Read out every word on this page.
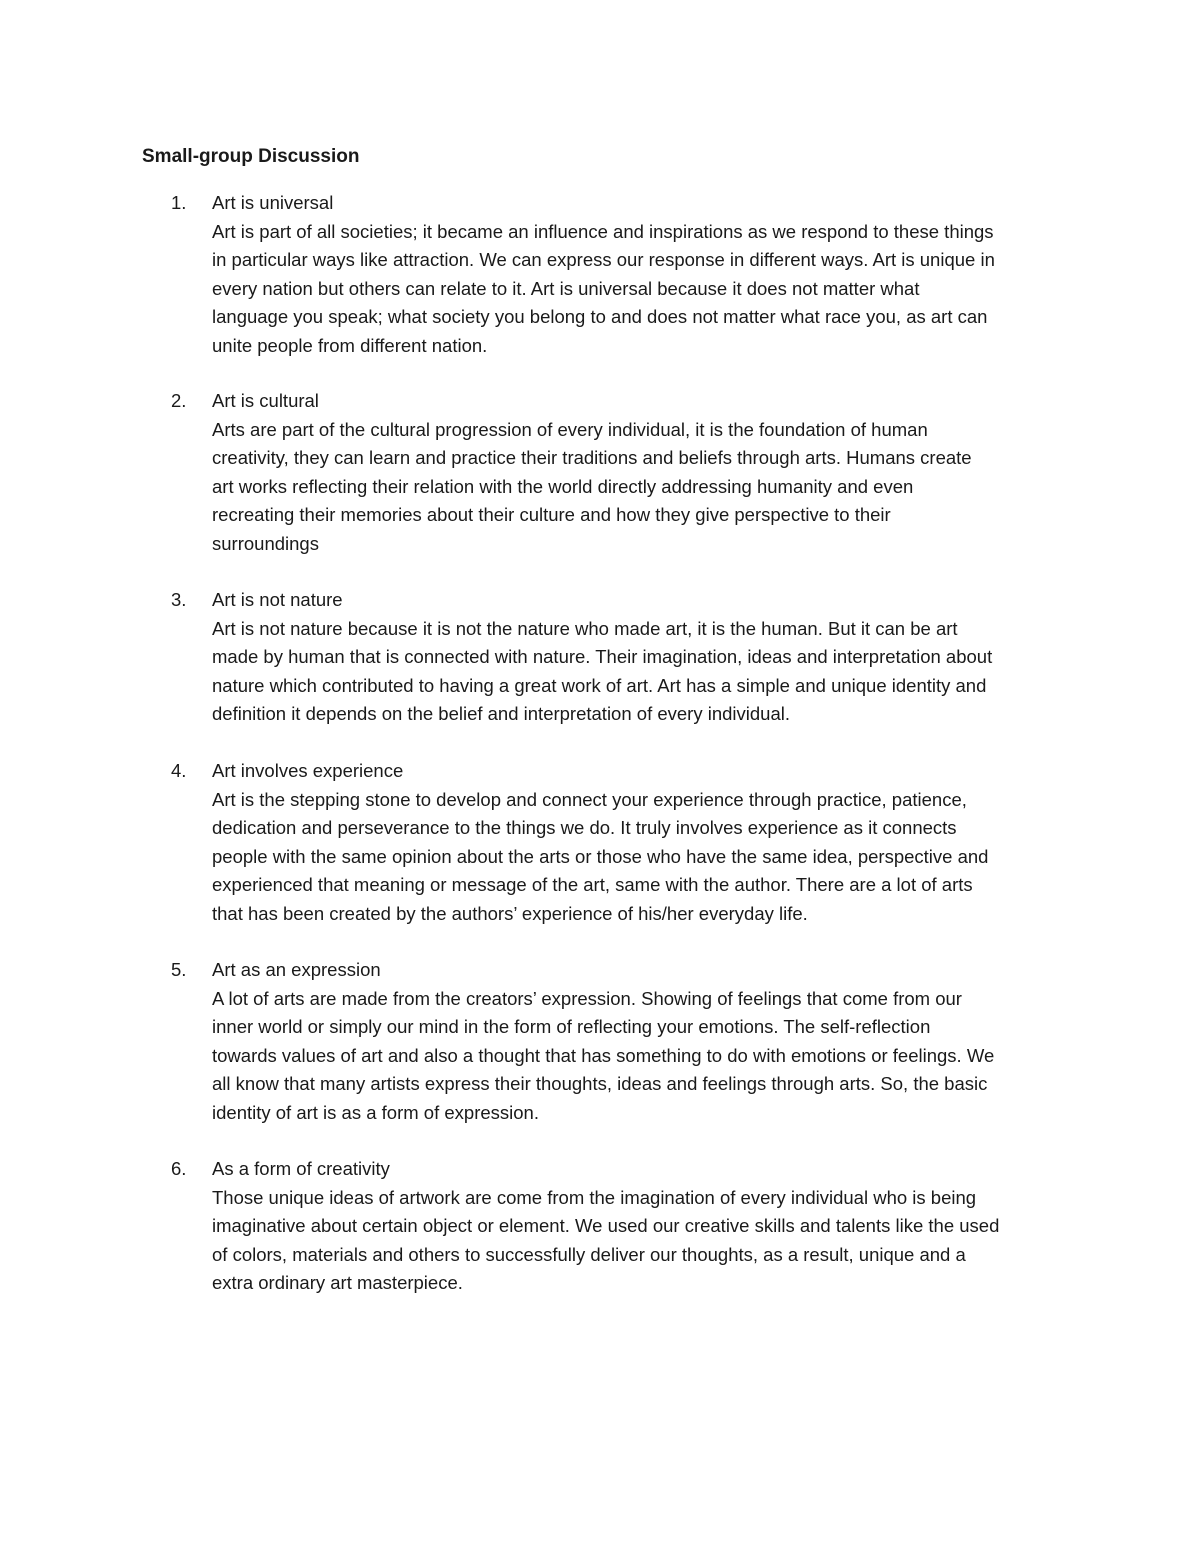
Small-group Discussion
1. Art is universal
Art is part of all societies; it became an influence and inspirations as we respond to these things
in particular ways like attraction. We can express our response in different ways. Art is unique in
every nation but others can relate to it. Art is universal because it does not matter what
language you speak; what society you belong to and does not matter what race you, as art can
unite people from different nation.
2. Art is cultural
Arts are part of the cultural progression of every individual, it is the foundation of human
creativity, they can learn and practice their traditions and beliefs through arts. Humans create
art works reflecting their relation with the world directly addressing humanity and even
recreating their memories about their culture and how they give perspective to their
surroundings
3. Art is not nature
Art is not nature because it is not the nature who made art, it is the human. But it can be art
made by human that is connected with nature. Their imagination, ideas and interpretation about
nature which contributed to having a great work of art. Art has a simple and unique identity and
definition it depends on the belief and interpretation of every individual.
4. Art involves experience
Art is the stepping stone to develop and connect your experience through practice, patience,
dedication and perseverance to the things we do. It truly involves experience as it connects
people with the same opinion about the arts or those who have the same idea, perspective and
experienced that meaning or message of the art, same with the author. There are a lot of arts
that has been created by the authors’ experience of his/her everyday life.
5. Art as an expression
A lot of arts are made from the creators’ expression. Showing of feelings that come from our
inner world or simply our mind in the form of reflecting your emotions. The self-reflection
towards values of art and also a thought that has something to do with emotions or feelings. We
all know that many artists express their thoughts, ideas and feelings through arts. So, the basic
identity of art is as a form of expression.
6. As a form of creativity
Those unique ideas of artwork are come from the imagination of every individual who is being
imaginative about certain object or element. We used our creative skills and talents like the used
of colors, materials and others to successfully deliver our thoughts, as a result, unique and a
extra ordinary art masterpiece.
